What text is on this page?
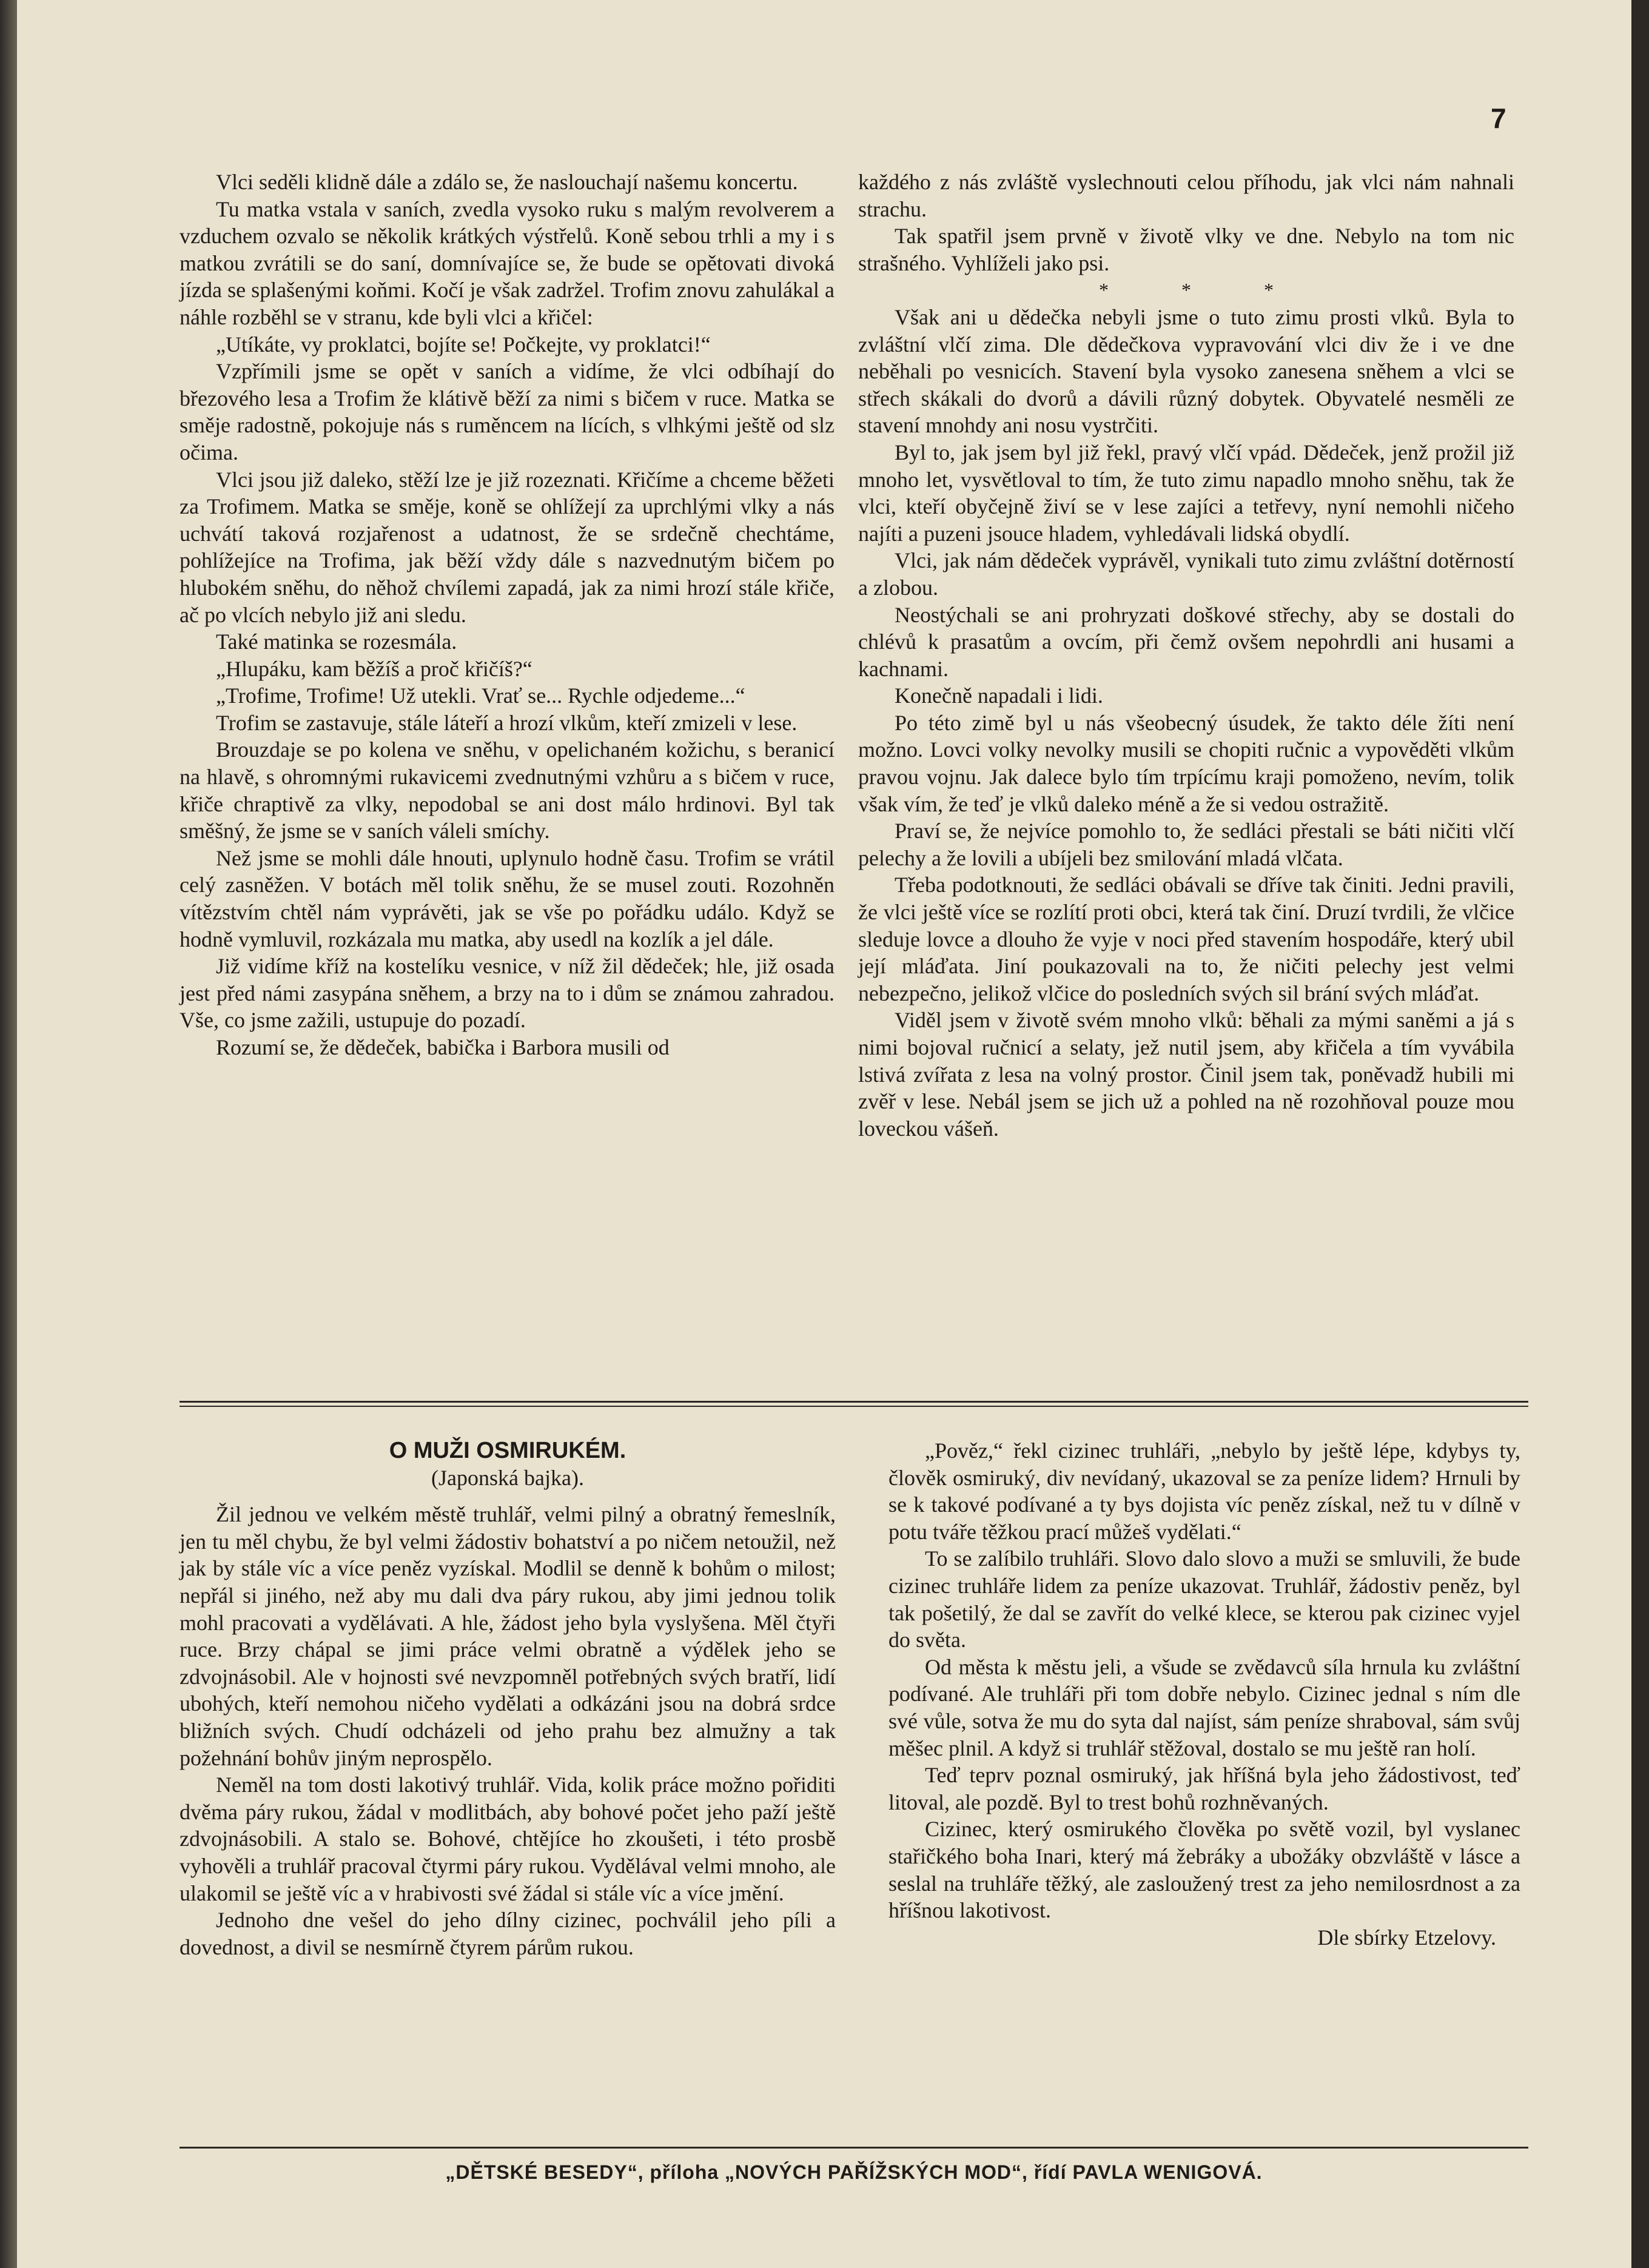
7

Vlci seděli klidně dále a zdálo se, že naslouchají našemu koncertu.

Tu matka vstala v saních, zvedla vysoko ruku s malým revolverem a vzduchem ozvalo se několik krátkých výstřelů. Koně sebou trhli a my i s matkou zvrátili se do saní, domnívajíce se, že bude se opětovati divoká jízda se splašenými koňmi. Kočí je však zadržel. Trofim znovu zahulákal a náhle rozběhl se v stranu, kde byli vlci a křičel:

„Utíkáte, vy proklatci, bojíte se! Počkejte, vy proklatci!“

Vzpřímili jsme se opět v saních a vidíme, že vlci odbíhají do březového lesa a Trofim že klátivě běží za nimi s bičem v ruce. Matka se směje radostně, pokojuje nás s ruměncem na lících, s vlhkými ještě od slz očima.

Vlci jsou již daleko, stěží lze je již rozeznati. Křičíme a chceme běžeti za Trofimem. Matka se směje, koně se ohlížejí za uprchlými vlky a nás uchvátí taková rozjařenost a udatnost, že se srdečně chechtáme, pohlížejíce na Trofima, jak běží vždy dále s nazvednutým bičem po hlubokém sněhu, do něhož chvílemi zapadá, jak za nimi hrozí stále křiče, ač po vlcích nebylo již ani sledu.

Také matinka se rozesmála.

„Hlupáku, kam běžíš a proč křičíš?“

„Trofime, Trofime! Už utekli. Vrať se... Rychle odjedeme...“

Trofim se zastavuje, stále láteří a hrozí vlkům, kteří zmizeli v lese.

Brouzdaje se po kolena ve sněhu, v opelichaném kožichu, s beranicí na hlavě, s ohromnými rukavicemi zvednutnými vzhůru a s bičem v ruce, křiče chraptivě za vlky, nepodobal se ani dost málo hrdinovi. Byl tak směšný, že jsme se v saních váleli smíchy.

Než jsme se mohli dále hnouti, uplynulo hodně času. Trofim se vrátil celý zasněžen. V botách měl tolik sněhu, že se musel zouti. Rozohněn vítězstvím chtěl nám vyprávěti, jak se vše po pořádku událo. Když se hodně vymluvil, rozkázala mu matka, aby usedl na kozlík a jel dále.

Již vidíme kříž na kostelíku vesnice, v níž žil dědeček; hle, již osada jest před námi zasypána sněhem, a brzy na to i dům se známou zahradou. Vše, co jsme zažili, ustupuje do pozadí.

Rozumí se, že dědeček, babička i Barbora musili od

každého z nás zvláště vyslechnouti celou příhodu, jak vlci nám nahnali strachu.

Tak spatřil jsem prvně v životě vlky ve dne. Nebylo na tom nic strašného. Vyhlíželi jako psi.

*	*	*

Však ani u dědečka nebyli jsme o tuto zimu prosti vlků. Byla to zvláštní vlčí zima. Dle dědečkova vypravování vlci div že i ve dne neběhali po vesnicích. Stavení byla vysoko zanesena sněhem a vlci se střech skákali do dvorů a dávili různý dobytek. Obyvatelé nesměli ze stavení mnohdy ani nosu vystrčiti.

Byl to, jak jsem byl již řekl, pravý vlčí vpád. Dědeček, jenž prožil již mnoho let, vysvětloval to tím, že tuto zimu napadlo mnoho sněhu, tak že vlci, kteří obyčejně živí se v lese zajíci a tetřevy, nyní nemohli ničeho najíti a puzeni jsouce hladem, vyhledávali lidská obydlí.

Vlci, jak nám dědeček vyprávěl, vynikali tuto zimu zvláštní dotěrností a zlobou.

Neostýchali se ani prohryzati doškové střechy, aby se dostali do chlévů k prasatům a ovcím, při čemž ovšem nepohrdli ani husami a kachnami.

Konečně napadali i lidi.

Po této zimě byl u nás všeobecný úsudek, že takto déle žíti není možno. Lovci volky nevolky musili se chopiti ručnic a vypověděti vlkům pravou vojnu. Jak dalece bylo tím trpícímu kraji pomoženo, nevím, tolik však vím, že teď je vlků daleko méně a že si vedou ostražitě.

Praví se, že nejvíce pomohlo to, že sedláci přestali se báti ničiti vlčí pelechy a že lovili a ubíjeli bez smilování mladá vlčata.

Třeba podotknouti, že sedláci obávali se dříve tak činiti. Jedni pravili, že vlci ještě více se rozlítí proti obci, která tak činí. Druzí tvrdili, že vlčice sleduje lovce a dlouho že vyje v noci před stavením hospodáře, který ubil její mláďata. Jiní poukazovali na to, že ničiti pelechy jest velmi nebezpečno, jelikož vlčice do posledních svých sil brání svých mláďat.

Viděl jsem v životě svém mnoho vlků: běhali za mými saněmi a já s nimi bojoval ručnicí a selaty, jež nutil jsem, aby křičela a tím vyvábila lstivá zvířata z lesa na volný prostor. Činil jsem tak, poněvadž hubili mi zvěř v lese. Nebál jsem se jich už a pohled na ně rozohňoval pouze mou loveckou vášeň.

O MUŽI OSMIRUKÉM.

(Japonská bajka).

Žil jednou ve velkém městě truhlář, velmi pilný a obratný řemeslník, jen tu měl chybu, že byl velmi žádostiv bohatství a po ničem netoužil, než jak by stále víc a více peněz vyzískal. Modlil se denně k bohům o milost; nepřál si jiného, než aby mu dali dva páry rukou, aby jimi jednou tolik mohl pracovati a vydělávati. A hle, žádost jeho byla vyslyšena. Měl čtyři ruce. Brzy chápal se jimi práce velmi obratně a výdělek jeho se zdvojnásobil. Ale v hojnosti své nevzpomněl potřebných svých bratří, lidí ubohých, kteří nemohou ničeho vydělati a odkázáni jsou na dobrá srdce bližních svých. Chudí odcházeli od jeho prahu bez almužny a tak požehnání bohův jiným neprospělo.

Neměl na tom dosti lakotivý truhlář. Vida, kolik práce možno pořiditi dvěma páry rukou, žádal v modlitbách, aby bohové počet jeho paží ještě zdvojnásobili. A stalo se. Bohové, chtějíce ho zkoušeti, i této prosbě vyhověli a truhlář pracoval čtyrmi páry rukou. Vydělával velmi mnoho, ale ulakomil se ještě víc a v hrabivosti své žádal si stále víc a více jmění.

Jednoho dne vešel do jeho dílny cizinec, pochválil jeho píli a dovednost, a divil se nesmírně čtyrem párům rukou.

„Pověz,“ řekl cizinec truhláři, „nebylo by ještě lépe, kdybys ty, člověk osmiruký, div nevídaný, ukazoval se za peníze lidem? Hrnuli by se k takové podívané a ty bys dojista víc peněz získal, než tu v dílně v potu tváře těžkou prací můžeš vydělati.“

To se zalíbilo truhláři. Slovo dalo slovo a muži se smluvili, že bude cizinec truhláře lidem za peníze ukazovat. Truhlář, žádostiv peněz, byl tak pošetilý, že dal se zavřít do velké klece, se kterou pak cizinec vyjel do světa.

Od města k městu jeli, a všude se zvědavců síla hrnula ku zvláštní podívané. Ale truhláři při tom dobře nebylo. Cizinec jednal s ním dle své vůle, sotva že mu do syta dal najíst, sám peníze shraboval, sám svůj měšec plnil. A když si truhlář stěžoval, dostalo se mu ještě ran holí.

Teď teprv poznal osmiruký, jak hříšná byla jeho žádostivost, teď litoval, ale pozdě. Byl to trest bohů rozhněvaných.

Cizinec, který osmirukého člověka po světě vozil, byl vyslanec stařičkého boha Inari, který má žebráky a ubožáky obzvláště v lásce a seslal na truhláře těžký, ale zasloužený trest za jeho nemilosrdnost a za hříšnou lakotivost.

Dle sbírky Etzelovy.

„DĚTSKÉ BESEDY“, příloha „NOVÝCH PAŘÍŽSKÝCH MOD“, řídí PAVLA WENIGOVÁ.
